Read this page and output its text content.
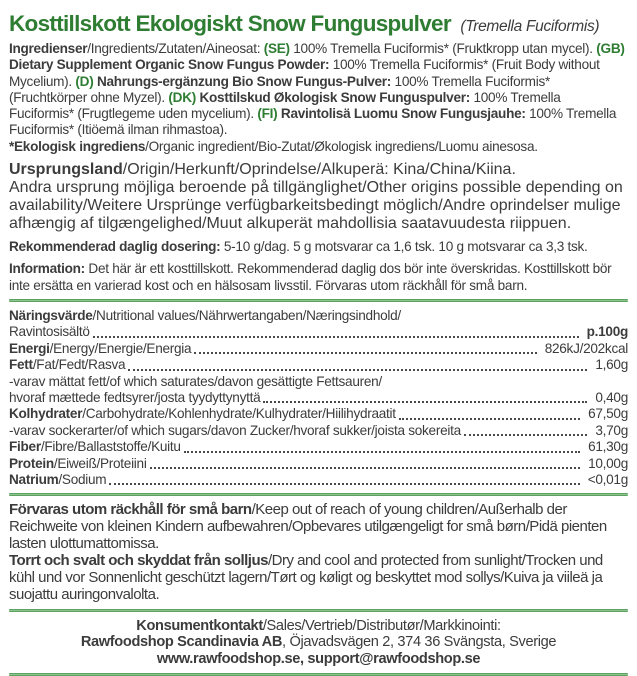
Kosttillskott Ekologiskt Snow Funguspulver (Tremella Fuciformis)

Ingredienser/Ingredients/Zutaten/Aineosat: (SE) 100% Tremella Fuciformis* (Fruktkropp utan mycel). (GB) Dietary Supplement Organic Snow Fungus Powder: 100% Tremella Fuciformis* (Fruit Body without Mycelium). (D) Nahrungs-ergänzung Bio Snow Fungus-Pulver: 100% Tremella Fuciformis* (Fruchtkörper ohne Myzel). (DK) Kosttilskud Økologisk Snow Funguspulver: 100% Tremella Fuciformis* (Frugtlegeme uden mycelium). (FI) Ravintolisä Luomu Snow Fungusjauhe: 100% Tremella Fuciformis* (Itiöemä ilman rihmastoa).

*Ekologisk ingrediens/Organic ingredient/Bio-Zutat/Økologisk ingrediens/Luomu ainesosa.

Ursprungsland/Origin/Herkunft/Oprindelse/Alkuperä: Kina/China/Kiina.
Andra ursprung möjliga beroende på tillgänglighet/Other origins possible depending on availability/Weitere Ursprünge verfügbarkeitsbedingt möglich/Andre oprindelser mulige afhængig af tilgængelighed/Muut alkuperät mahdollisia saatavuudesta riippuen.

Rekommenderad daglig dosering: 5-10 g/dag. 5 g motsvarar ca 1,6 tsk. 10 g motsvarar ca 3,3 tsk.

Information: Det här är ett kosttillskott. Rekommenderad daglig dos bör inte överskridas. Kosttillskott bör inte ersätta en varierad kost och en hälsosam livsstil. Förvaras utom räckhåll för små barn.

Näringsvärde/Nutritional values/Nährwertangaben/Næringsindhold/
Ravintosisältö	p.100g
Energi/Energy/Energie/Energia	826kJ/202kcal
Fett/Fat/Fedt/Rasva	1,60g
-varav mättat fett/of which saturates/davon gesättigte Fettsauren/
hvoraf mættede fedtsyrer/josta tyydyttynyttä	0,40g
Kolhydrater/Carbohydrate/Kohlenhydrate/Kulhydrater/Hiilihydraatit	67,50g
-varav sockerarter/of which sugars/davon Zucker/hvoraf sukker/joista sokereita	3,70g
Fiber/Fibre/Ballaststoffe/Kuitu	61,30g
Protein/Eiweiß/Proteiini	10,00g
Natrium/Sodium	<0,01g

Förvaras utom räckhåll för små barn/Keep out of reach of young children/Außerhalb der Reichweite von kleinen Kindern aufbewahren/Opbevares utilgængeligt for små børn/Pidä pienten lasten ulottumattomissa.

Torrt och svalt och skyddat från solljus/Dry and cool and protected from sunlight/Trocken und kühl und vor Sonnenlicht geschützt lagern/Tørt og køligt og beskyttet mod sollys/Kuiva ja viileä ja suojattu auringonvalolta.

Konsumentkontakt/Sales/Vertrieb/Distributør/Markkinointi:
Rawfoodshop Scandinavia AB, Öjavadsvägen 2, 374 36 Svängsta, Sverige
www.rawfoodshop.se, support@rawfoodshop.se
